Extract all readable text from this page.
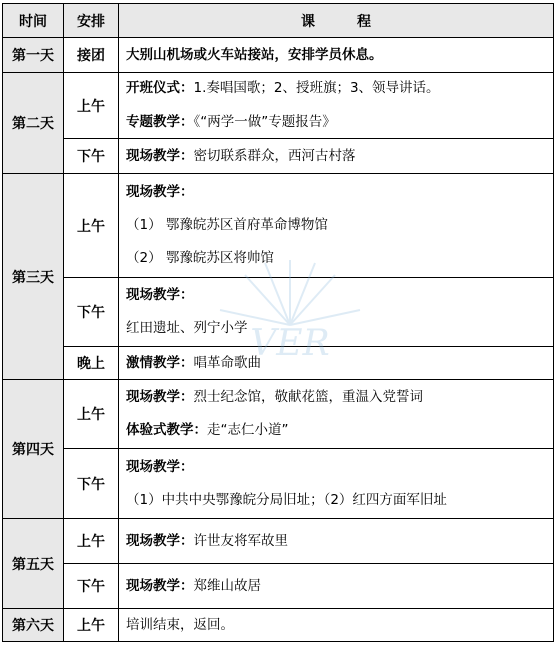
时间	安排	课　　　程
第一天	接团	大别山机场或火车站接站，安排学员休息。
第二天	上午	开班仪式：1.奏唱国歌；2、授班旗；3、领导讲话。
专题教学：《“两学一做”专题报告》

	下午	现场教学：密切联系群众，西河古村落
第三天	上午	现场教学：
（1） 鄂豫皖苏区首府革命博物馆
（2） 鄂豫皖苏区将帅馆

	下午	现场教学：
红田遗址、列宁小学

	晚上	激情教学：唱革命歌曲
第四天	上午	现场教学：烈士纪念馆，敬献花篮，重温入党誓词
体验式教学：走“志仁小道”

	下午	现场教学：
（1）中共中央鄂豫皖分局旧址；（2）红四方面军旧址

第五天	上午	现场教学：许世友将军故里
	下午	现场教学：郑维山故居
第六天	上午	培训结束，返回。
VER
